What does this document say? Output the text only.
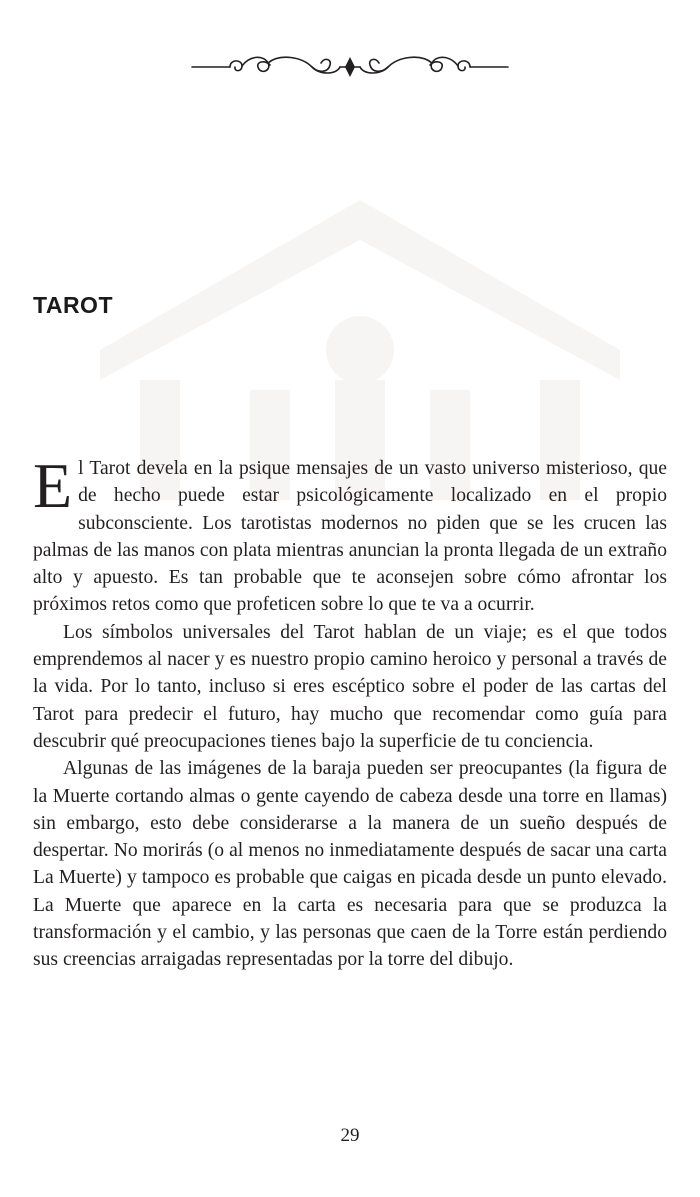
TAROT

El Tarot devela en la psique mensajes de un vasto universo misterioso, que de hecho puede estar psicológicamente localizado en el propio subconsciente. Los tarotistas modernos no piden que se les crucen las palmas de las manos con plata mientras anuncian la pronta llegada de un extraño alto y apuesto. Es tan probable que te aconsejen sobre cómo afrontar los próximos retos como que profeticen sobre lo que te va a ocurrir.

Los símbolos universales del Tarot hablan de un viaje; es el que todos emprendemos al nacer y es nuestro propio camino heroico y personal a través de la vida. Por lo tanto, incluso si eres escéptico sobre el poder de las cartas del Tarot para predecir el futuro, hay mucho que recomendar como guía para descubrir qué preocupaciones tienes bajo la superficie de tu conciencia.

Algunas de las imágenes de la baraja pueden ser preocupantes (la figura de la Muerte cortando almas o gente cayendo de cabeza desde una torre en llamas) sin embargo, esto debe considerarse a la manera de un sueño después de despertar. No morirás (o al menos no inmediatamente después de sacar una carta La Muerte) y tampoco es probable que caigas en picada desde un punto elevado. La Muerte que aparece en la carta es necesaria para que se produzca la transformación y el cambio, y las personas que caen de la Torre están perdiendo sus creencias arraigadas representadas por la torre del dibujo.

29
